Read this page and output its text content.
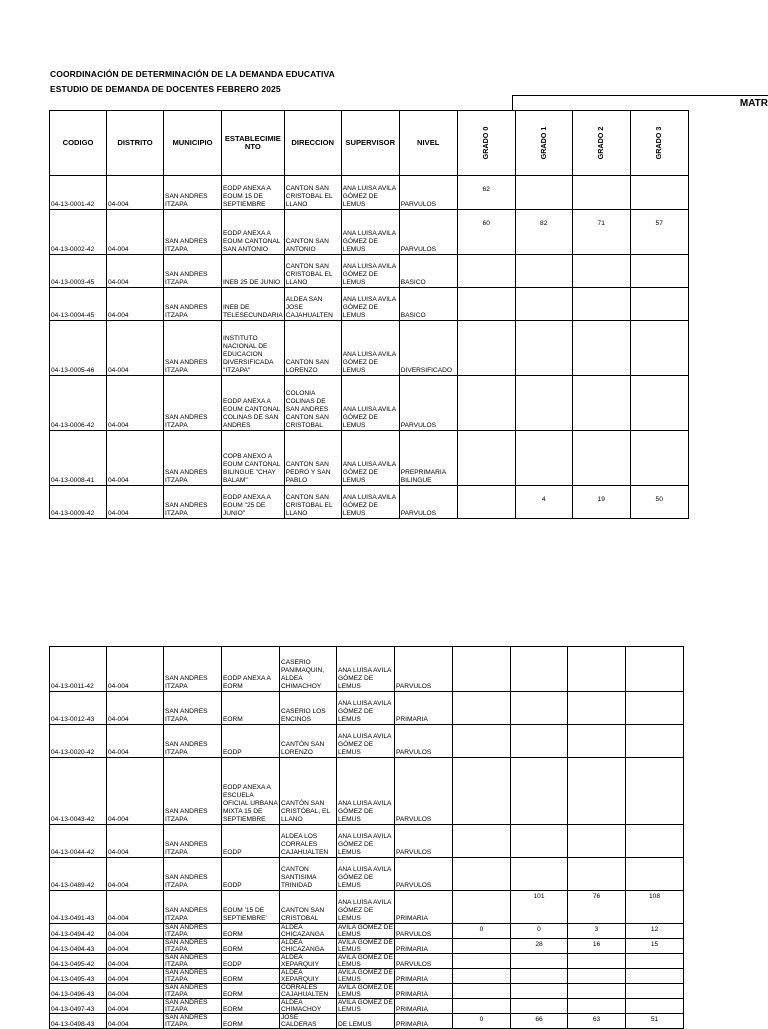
COORDINACIÓN DE DETERMINACIÓN DE LA DEMANDA EDUCATIVA
ESTUDIO DE DEMANDA DE DOCENTES FEBRERO 2025
MATR
CODIGO	DISTRITO	MUNICIPIO	ESTABLECIMIE NTO	DIRECCION	SUPERVISOR	NIVEL	GRADO 0	GRADO 1	GRADO 2	GRADO 3

04-13-0001-42	04-004	SAN ANDRES ITZAPA	EODP ANEXA A EOUM 15 DE SEPTIEMBRE	CANTON SAN CRISTOBAL EL LLANO	ANA LUISA AVILA GÓMEZ DE LEMUS	PARVULOS	62			
04-13-0002-42	04-004	SAN ANDRES ITZAPA	EODP ANEXA A EOUM CANTONAL SAN ANTONIO	CANTON SAN ANTONIO	ANA LUISA AVILA GÓMEZ DE LEMUS	PARVULOS	60	82	71	57
04-13-0003-45	04-004	SAN ANDRES ITZAPA	INEB 25 DE JUNIO	CANTON SAN CRISTOBAL EL LLANO	ANA LUISA AVILA GÓMEZ DE LEMUS	BASICO				
04-13-0004-45	04-004	SAN ANDRES ITZAPA	INEB DE TELESECUNDARIA	ALDEA SAN JOSE CAJAHUALTEN	ANA LUISA AVILA GÓMEZ DE LEMUS	BASICO				
04-13-0005-46	04-004	SAN ANDRES ITZAPA	INSTITUTO NACIONAL DE EDUCACION DIVERSIFICADA "ITZAPA"	CANTON SAN LORENZO	ANA LUISA AVILA GÓMEZ DE LEMUS	DIVERSIFICADO				
04-13-0006-42	04-004	SAN ANDRES ITZAPA	EODP ANEXA A EOUM CANTONAL COLINAS DE SAN ANDRES	COLONIA COLINAS DE SAN ANDRES CANTON SAN CRISTOBAL	ANA LUISA AVILA GÓMEZ DE LEMUS	PARVULOS				
04-13-0008-41	04-004	SAN ANDRES ITZAPA	COPB ANEXO A EOUM CANTONAL BILINGUE "CHAY BALAM"	CANTON SAN PEDRO Y SAN PABLO	ANA LUISA AVILA GÓMEZ DE LEMUS	PREPRIMARIA BILINGUE				
04-13-0009-42	04-004	SAN ANDRES ITZAPA	EODP ANEXA A EOUM "25 DE JUNIO"	CANTON SAN CRISTOBAL EL LLANO	ANA LUISA AVILA GÓMEZ DE LEMUS	PARVULOS		4	19	50
04-13-0011-42	04-004	SAN ANDRES ITZAPA	EODP ANEXA A EORM	CASERIO PANIMAQUIN, ALDEA CHIMACHOY	ANA LUISA AVILA GÓMEZ DE LEMUS	PARVULOS				
04-13-0012-43	04-004	SAN ANDRES ITZAPA	EORM	CASERIO LOS ENCINOS	ANA LUISA AVILA GÓMEZ DE LEMUS	PRIMARIA				
04-13-0020-42	04-004	SAN ANDRES ITZAPA	EODP	CANTÓN SAN LORENZO	ANA LUISA AVILA GÓMEZ DE LEMUS	PARVULOS				
04-13-0043-42	04-004	SAN ANDRES ITZAPA	EODP ANEXA A ESCUELA OFICIAL URBANA MIXTA 15 DE SEPTIEMBRE	CANTÓN SAN CRISTÓBAL, EL LLANO	ANA LUISA AVILA GÓMEZ DE LEMUS	PARVULOS				
04-13-0044-42	04-004	SAN ANDRES ITZAPA	EODP	ALDEA LOS CORRALES CAJAHUALTEN	ANA LUISA AVILA GÓMEZ DE LEMUS	PARVULOS				
04-13-0489-42	04-004	SAN ANDRES ITZAPA	EODP	CANTON SANTISIMA TRINIDAD	ANA LUISA AVILA GÓMEZ DE LEMUS	PARVULOS				
04-13-0491-43	04-004	SAN ANDRES ITZAPA	EOUM '15 DE SEPTIEMBRE'	CANTON SAN CRISTOBAL	ANA LUISA AVILA GÓMEZ DE LEMUS	PRIMARIA		101	76	108
04-13-0494-42	04-004	SAN ANDRES ITZAPA	EORM	ALDEA CHICAZANGA	AVILA GÓMEZ DE LEMUS	PARVULOS	0	0	3	12
04-13-0494-43	04-004	SAN ANDRES ITZAPA	EORM	ALDEA CHICAZANGA	AVILA GÓMEZ DE LEMUS	PRIMARIA		28	16	15
04-13-0495-42	04-004	SAN ANDRES ITZAPA	EODP	ALDEA XEPARQUIY	AVILA GÓMEZ DE LEMUS	PARVULOS				
04-13-0495-43	04-004	SAN ANDRES ITZAPA	EORM	ALDEA XEPARQUIY	AVILA GÓMEZ DE LEMUS	PRIMARIA				
04-13-0496-43	04-004	SAN ANDRES ITZAPA	EORM	CORRALES CAJAHUALTEN	AVILA GÓMEZ DE LEMUS	PRIMARIA				
04-13-0497-43	04-004	SAN ANDRES ITZAPA	EORM	ALDEA CHIMACHOY	AVILA GÓMEZ DE LEMUS	PRIMARIA				
04-13-0498-43	04-004	SAN ANDRES ITZAPA	EORM	JOSE CALDERAS	DE LEMUS	PRIMARIA	0	66	63	51
